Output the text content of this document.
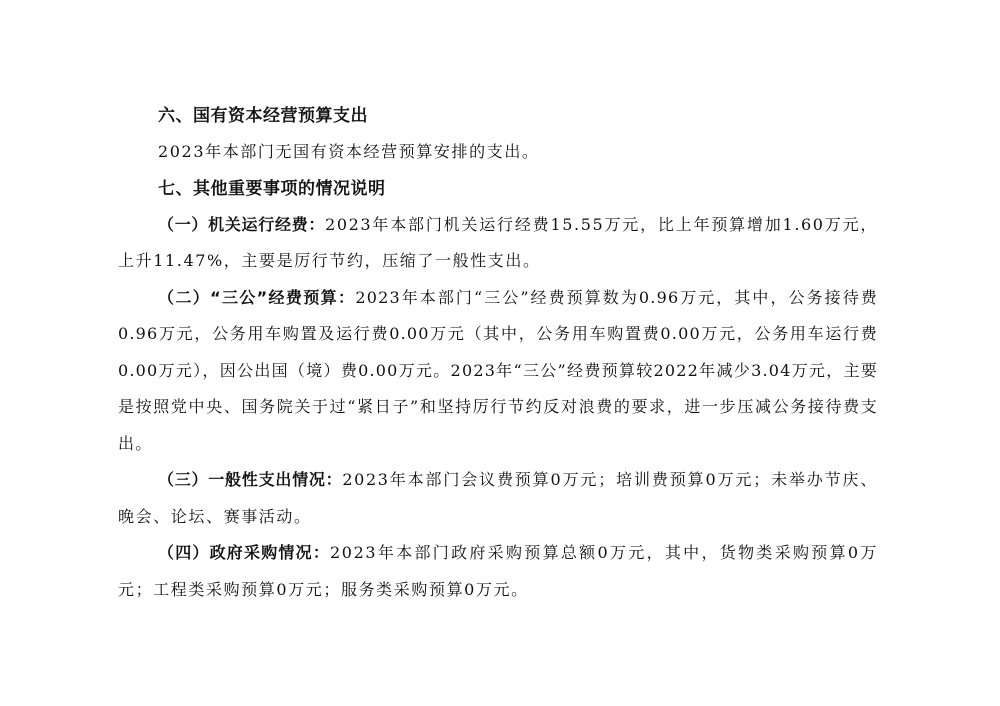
六、国有资本经营预算支出

2023年本部门无国有资本经营预算安排的支出。

七、其他重要事项的情况说明

（一）机关运行经费：2023年本部门机关运行经费15.55万元，比上年预算增加1.60万元，上升11.47%，主要是厉行节约，压缩了一般性支出。

（二）“三公”经费预算：2023年本部门“三公”经费预算数为0.96万元，其中，公务接待费0.96万元，公务用车购置及运行费0.00万元（其中，公务用车购置费0.00万元，公务用车运行费0.00万元），因公出国（境）费0.00万元。2023年“三公”经费预算较2022年减少3.04万元，主要是按照党中央、国务院关于过“紧日子”和坚持厉行节约反对浪费的要求，进一步压减公务接待费支出。

（三）一般性支出情况：2023年本部门会议费预算0万元；培训费预算0万元；未举办节庆、晚会、论坛、赛事活动。

（四）政府采购情况：2023年本部门政府采购预算总额0万元，其中，货物类采购预算0万元；工程类采购预算0万元；服务类采购预算0万元。
